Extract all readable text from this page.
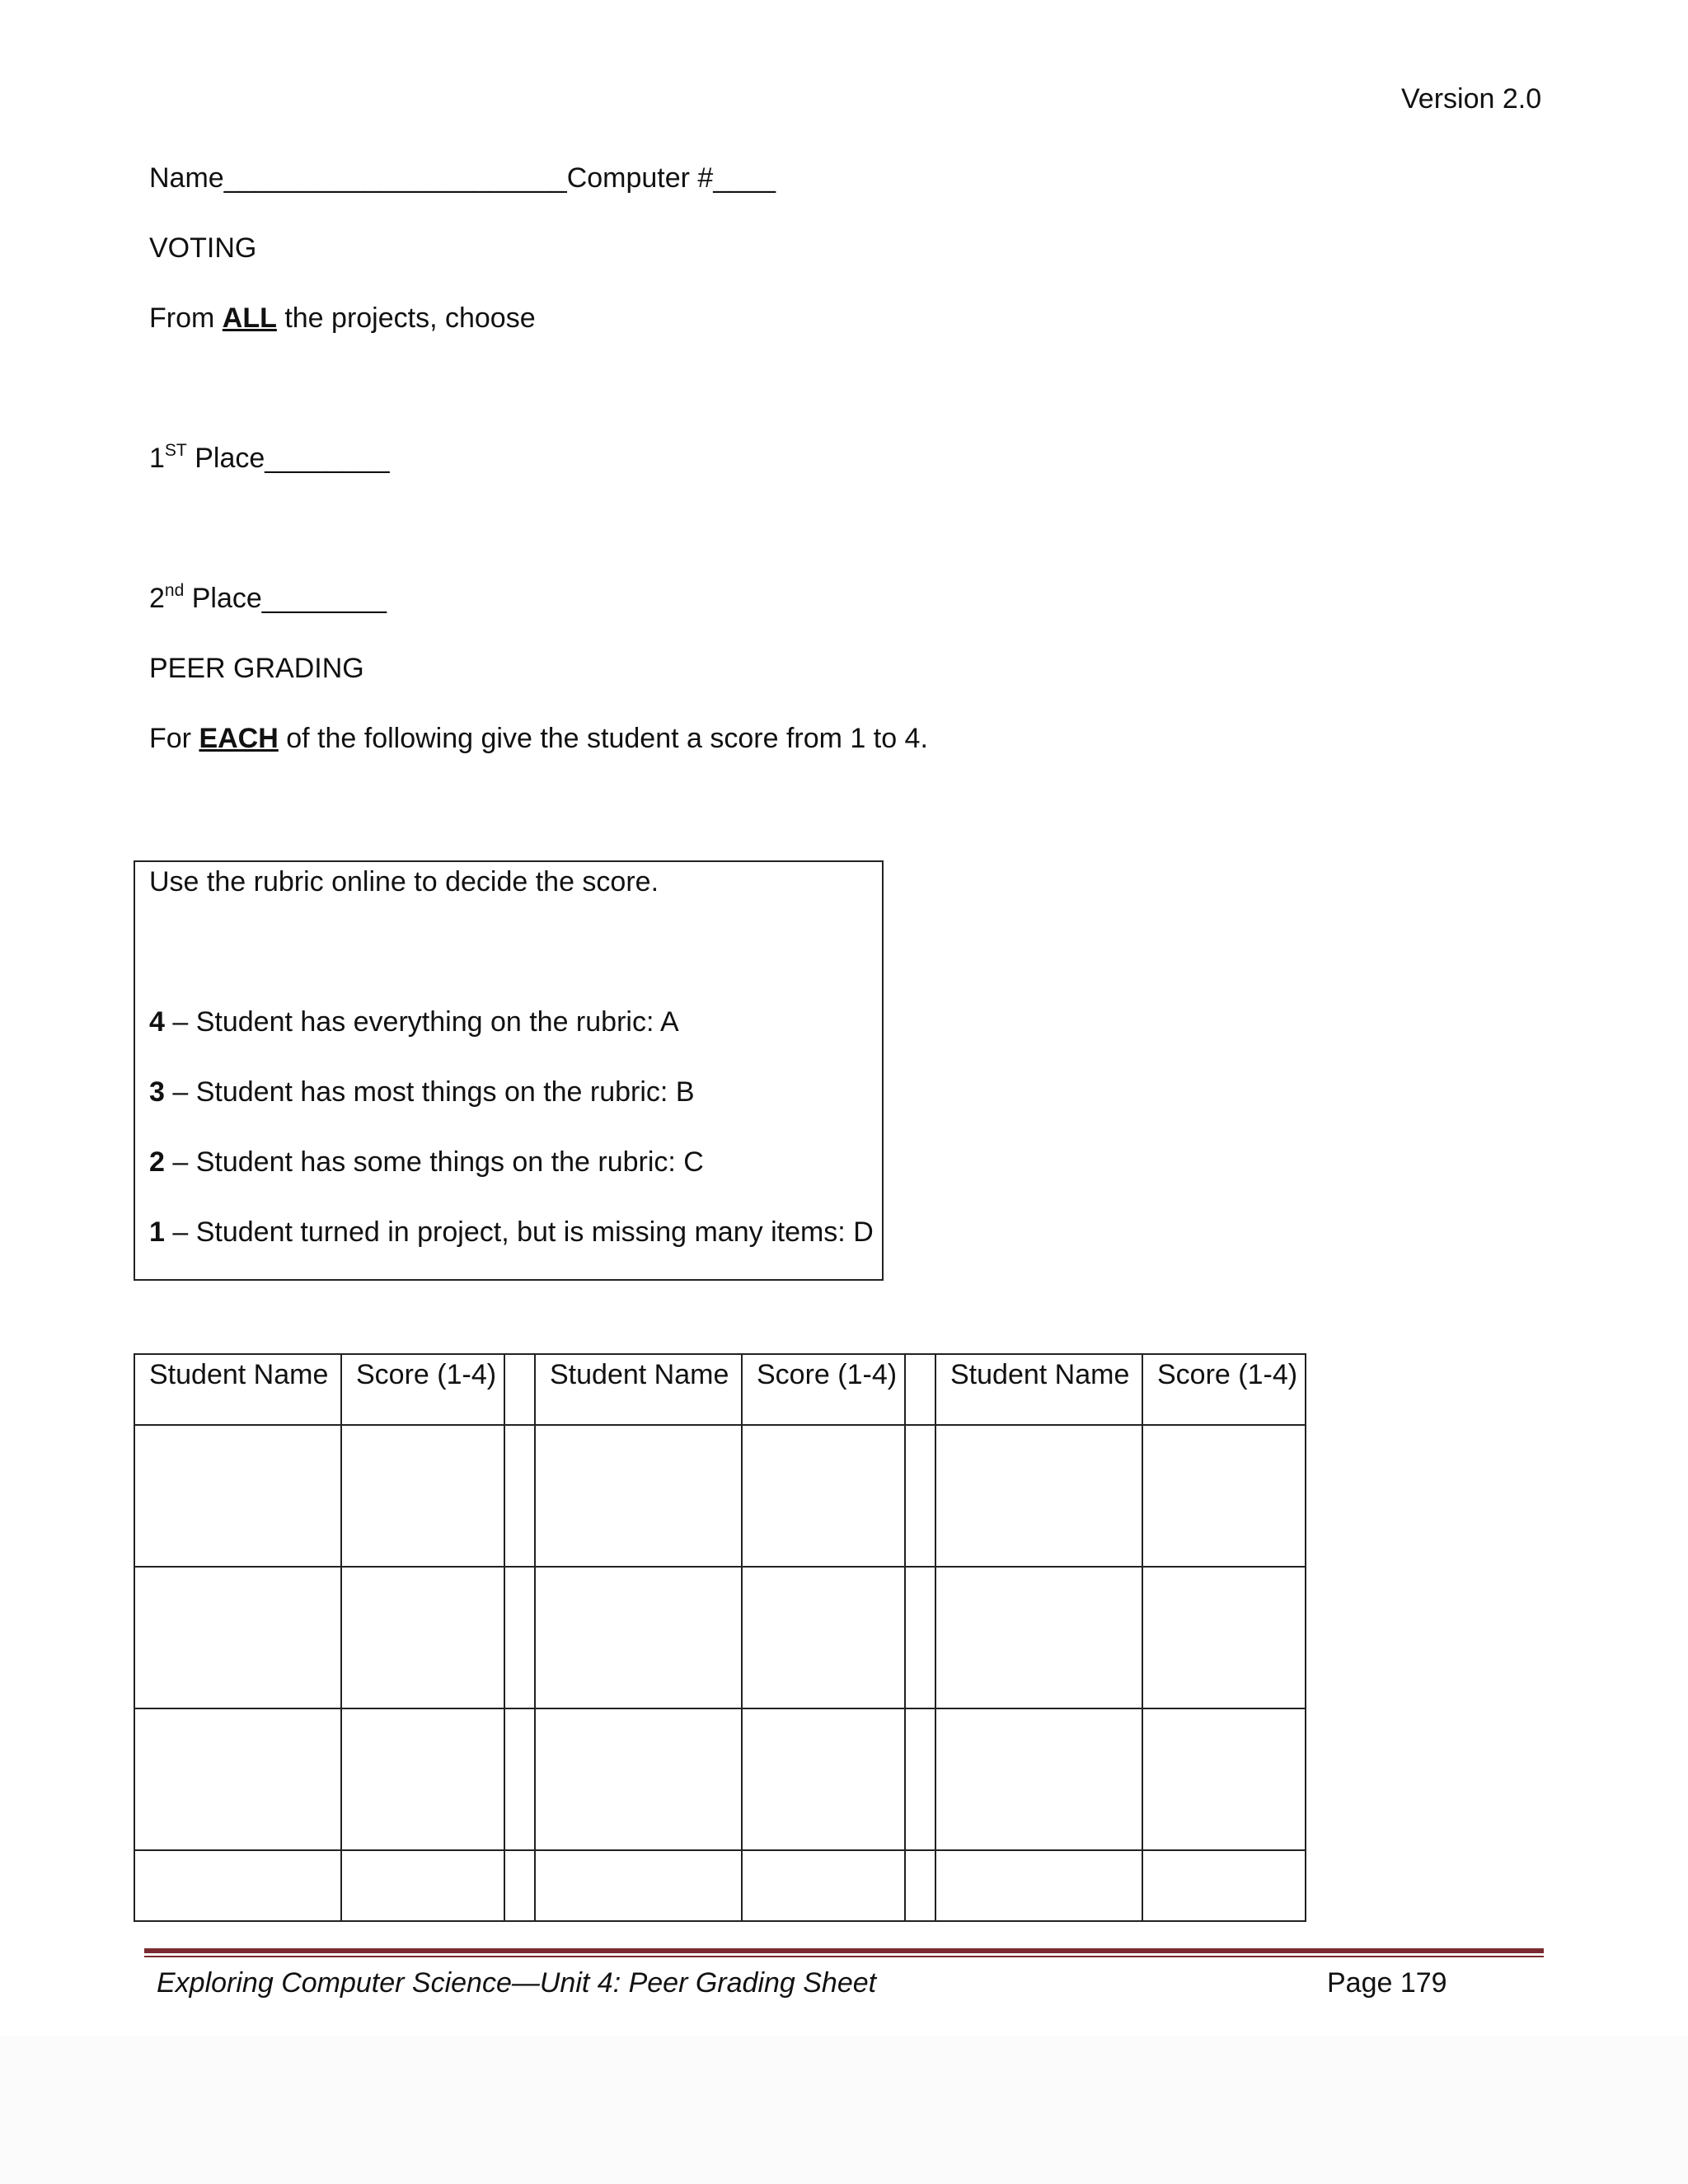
Version 2.0
Name______________________Computer #____
VOTING
From ALL the projects, choose
1ST Place________
2nd Place________
PEER GRADING
For EACH of the following give the student a score from 1 to 4.
Use the rubric online to decide the score.
4 – Student has everything on the rubric: A
3 – Student has most things on the rubric: B
2 – Student has some things on the rubric: C
1 – Student turned in project, but is missing many items: D
Student Name	Score (1-4)		Student Name	Score (1-4)		Student Name	Score (1-4)

Exploring Computer Science—Unit 4: Peer Grading Sheet	Page 179
